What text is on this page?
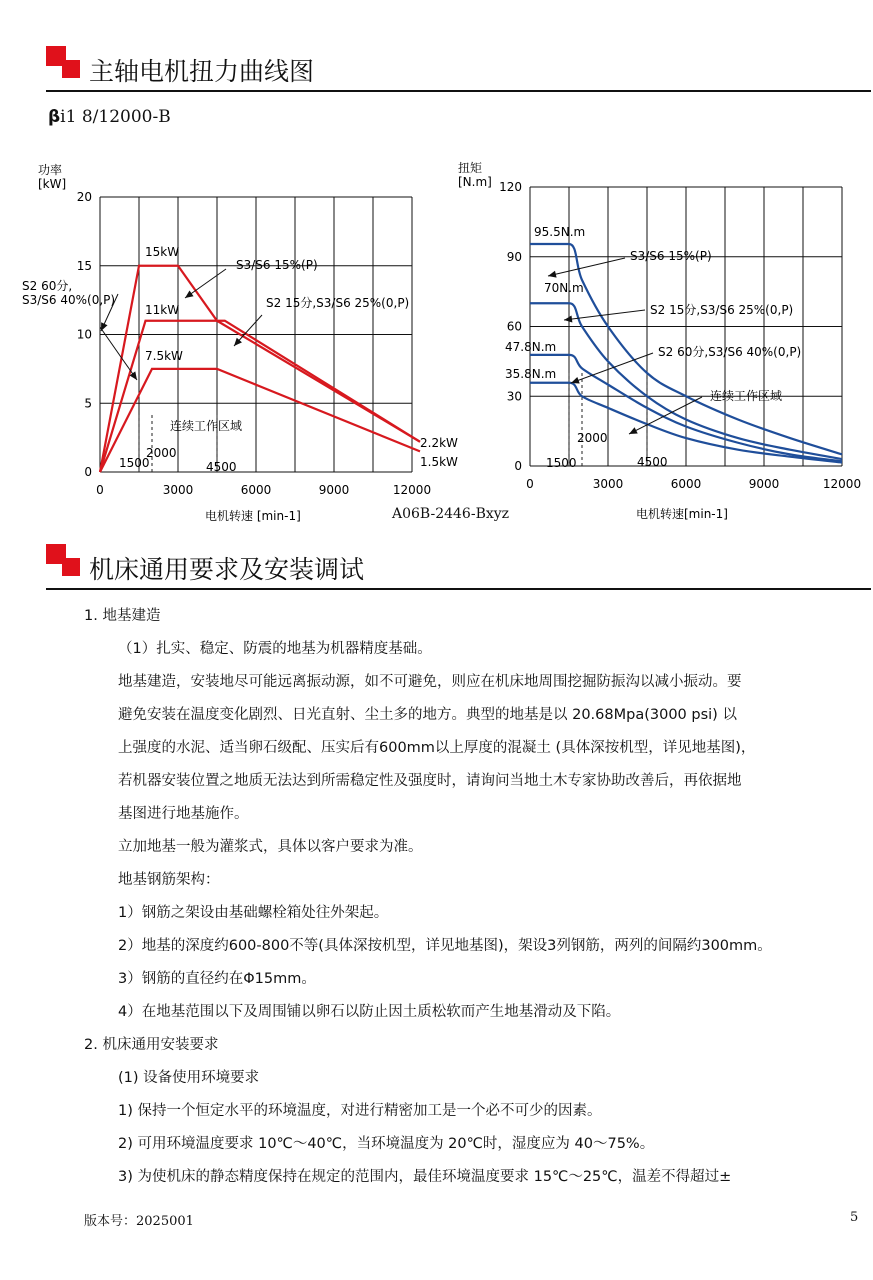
主轴电机扭力曲线图
βi1 8/12000-B
功率[kW]
0
5
10
15
20
0	3000	6000	9000	12000
15kW
11kW
7.5kW
2.2kW
1.5kW
1500
2000
4500
连续工作区域
S3/S6 15%(P)
S2 15分,S3/S6 25%(0,P)
S2 60分, S3/S6 40%(0,P)
电机转速 [min-1]
扭矩[N.m]
0
30
60
90
120
0	3000	6000	9000	12000
95.5N.m
70N.m
47.8N.m
35.8N.m
1500
2000
4500
连续工作区域
S3/S6 15%(P)
S2 15分,S3/S6 25%(0,P)
S2 60分,S3/S6 40%(0,P)
电机转速[min-1]
A06B-2446-Bxyz
机床通用要求及安装调试
1. 地基建造
（1）扎实、稳定、防震的地基为机器精度基础。
地基建造，安装地尽可能远离振动源，如不可避免，则应在机床地周围挖掘防振沟以减小振动。要
避免安装在温度变化剧烈、日光直射、尘土多的地方。典型的地基是以 20.68Mpa(3000 psi) 以
上强度的水泥、适当卵石级配、压实后有600mm以上厚度的混凝土 (具体深按机型，详见地基图)，
若机器安装位置之地质无法达到所需稳定性及强度时，请询问当地土木专家协助改善后，再依据地
基图进行地基施作。
立加地基一般为灌浆式，具体以客户要求为准。
地基钢筋架构：
1）钢筋之架设由基础螺栓箱处往外架起。
2）地基的深度约600-800不等(具体深按机型，详见地基图)，架设3列钢筋，两列的间隔约300mm。
3）钢筋的直径约在Φ15mm。
4）在地基范围以下及周围铺以卵石以防止因土质松软而产生地基滑动及下陷。
2. 机床通用安装要求
(1) 设备使用环境要求
1) 保持一个恒定水平的环境温度，对进行精密加工是一个必不可少的因素。
2) 可用环境温度要求 10℃～40℃，当环境温度为 20℃时，湿度应为 40～75%。
3) 为使机床的静态精度保持在规定的范围内，最佳环境温度要求 15℃～25℃，温差不得超过±
版本号：2025001	5
